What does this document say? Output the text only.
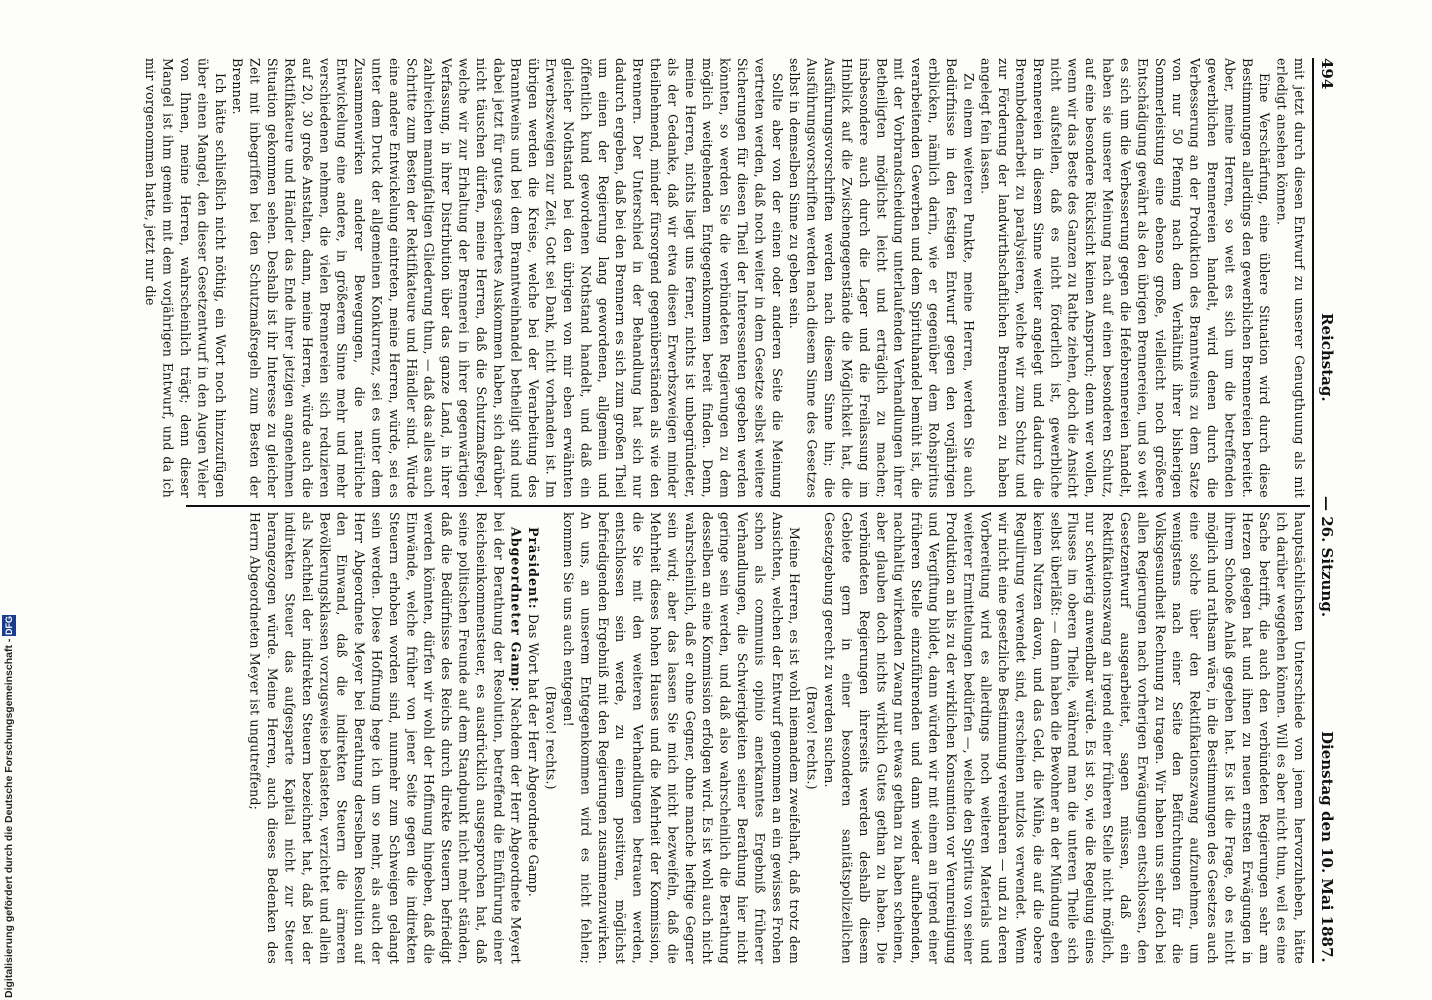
494
Reichstag.
— 26. Sitzung.
Dienstag den 10. Mai 1887.

mit jetzt durch diesen Entwurf zu unserer Genugthuung als mit erledigt ansehen können.

Eine Verschärfung, eine üblere Situation wird durch diese Bestimmungen allerdings den gewerblichen Brennereien bereitet. Aber, meine Herren, so weit es sich um die betreffenden gewerblichen Brennereien handelt, wird denen durch die Verbesserung an der Produktion des Branntweins zu dem Satze von nur 50 Pfennig nach dem Verhältniß ihrer bisherigen Sommerleistung eine ebenso große, vielleicht noch größere Entschädigung gewährt als den übrigen Brennereien, und so weit es sich um die Verbesserung gegen die Hefebrennereien handelt, haben sie unserer Meinung nach auf einen besonderen Schutz, auf eine besondere Rücksicht keinen Anspruch; denn wer wollen, wenn wir das Beste des Ganzen zu Rathe ziehen, doch die Ansicht nicht aufstellen, daß es nicht förderlich ist, gewerbliche Brennereien in diesem Sinne weiter angelegt und dadurch die Brennbodenarbeit zu paralysieren, welche wir zum Schutz und zur Förderung der landwirthschaftlichen Brennereien zu haben angelegt fein lassen.

Zu einem weiteren Punkte, meine Herren, werden Sie auch Bedürfnisse in den festigen Entwurf gegen den vorjährigen erblicken, nämlich darin, wie er gegenüber dem Rohspiritus verarbeitenden Gewerben und dem Spirituhandel bemüht ist, die mit der Vorbrandscheidung unterlaufenden Verhandlungen ihrer Betheiligten möglichst leicht und erträglich zu machen; insbesondere auch durch die Lager und die Freilassung im Hinblick auf die Zwischengegenstände die Möglichkeit hat, die Ausführungsvorschriften werden nach diesem Sinne hin; die Ausführungsvorschriften werden nach diesem Sinne des Gesetzes selbst in demselben Sinne zu geben sein.

Sollte aber von der einen oder anderen Seite die Meinung vertreten werden, daß noch weiter in dem Gesetze selbst weitere Sicherungen für diesen Theil der Interessenten gegeben werden könnten, so werden Sie die verbündeten Regierungen zu dem möglich weitgehenden Entgegenkommen bereit finden. Denn, meine Herren, nichts liegt uns ferner, nichts ist unbegründeter, als der Gedanke, daß wir etwa diesen Erwerbszweigen minder theilnehmend, minder fürsorgend gegenüberständen als wie den Brennern. Der Unterschied in der Behandlung hat sich nur dadurch ergeben, daß bei den Brennern es sich zum großen Theil um einen der Regierung lang gewordenen, allgemein und öffentlich kund gewordenen Nothstand handelt, und daß ein gleicher Nothstand bei den übrigen von mir eben erwähnten Erwerbszweigen zur Zeit, Gott sei Dank, nicht vorhanden ist. Im übrigen werden die Kreise, welche bei der Verarbeitung des Branntweins und bei dem Branntweinhandel betheiligt sind und dabei jetzt für gutes gesichertes Auskommen haben, sich darüber nicht täuschen dürfen, meine Herren, daß die Schutzmaßregel, welche wir zur Erhaltung der Brennerei in ihrer gegenwärtigen Verfassung, in ihrer Distribution über das ganze Land, in ihrer zahlreichen mannigfaltigen Gliederung thun, — daß das alles auch Schritte zum Besten der Rektifikateure und Händler sind. Würde eine andere Entwickelung eintreten, meine Herren, würde, sei es unter dem Druck der allgemeinen Konkurrenz, sei es unter dem Zusammenwirken anderer Bewegungen, die natürliche Entwickelung eine andere, in größerem Sinne mehr und mehr verschiedenen nehmen, die vielen Brennereien sich reduzieren auf 20, 30 große Anstalten, dann, meine Herren, würde auch die Rektifikateure und Händler das Ende ihrer jetzigen angenehmen Situation gekommen sehen. Deshalb ist ihr Interesse zu gleicher Zeit mit inbegriffen bei den Schutzmaßregeln zum Besten der Brenner.

Ich hätte schließlich nicht nöthig, ein Wort noch hinzuzufügen über einen Mangel, den dieser Gesetzentwurf in den Augen Vieler von Ihnen, meine Herren, wahrscheinlich trägt; denn dieser Mangel ist ihm gemein mit dem vorjährigen Entwurf, und da ich mir vorgenommen hatte, jetzt nur die

hauptsächlichsten Unterschiede von jenem hervorzuheben, hätte ich darüber weggehen können. Will es aber nicht thun, weil es eine Sache betrifft, die auch den verbündeten Regierungen sehr am Herzen gelegen hat und ihnen zu neuen ernsten Erwägungen in ihrem Schooße Anlaß gegeben hat. Es ist die Frage, ob es nicht möglich und rathsam wäre, in die Bestimmungen des Gesetzes auch eine solche über den Rektifikationszwang aufzunehmen, um wenigstens nach einer Seite den Befürchtungen für die Volksgesundheit Rechnung zu tragen. Wir haben uns sehr doch bei allen Regierungen nach vorherigen Erwägungen entschlossen, den Gesetzentwurf ausgearbeitet, sagen müssen, daß ein Rektifikationszwang an irgend einer früheren Stelle nicht möglich, nur schwierig anwendbar würde. Es ist so, wie die Regelung eines Flusses im oberen Theile, während man die unteren Theile sich selbst überläßt: — dann haben die Bewohner an der Mündung eben keinen Nutzen davon, und das Geld, die Mühe, die auf die obere Regulirung verwendet sind, erscheinen nutzlos verwendet. Wenn wir nicht eine gesetzliche Bestimmung vereinbaren — und zu deren Vorbereitung wird es allerdings noch weiteren Materials und weiterer Ermittelungen bedürfen —, welche den Spiritus von seiner Produktion an bis zu der wirklichen Konsumtion vor Verunreinigung und Vergiftung bildet, dann würden wir mit einem an irgend einer früheren Stelle einzuführenden und dann wieder aufhebenden, nachhaltig wirkenden Zwang nur etwas gethan zu haben scheinen, aber glauben doch nichts wirklich Gutes gethan zu haben. Die verbündeten Regierungen ihrerseits werden deshalb diesem Gebiete gern in einer besonderen sanitätspolizeilichen Gesetzgebung gerecht zu werden suchen.

(Bravo! rechts.)

Meine Herren, es ist wohl niemandem zweifelhaft, daß trotz dem Ansichten, welchen der Entwurf genommen an ein gewisses Frohen schon als communis opinio anerkanntes Ergebniß früherer Verhandlungen, die Schwierigkeiten seiner Berathung hier nicht geringe sein werden, und daß also wahrscheinlich die Berathung desselben an eine Kommission erfolgen wird. Es ist wohl auch nicht wahrscheinlich, daß er ohne Gegner, ohne manche heftige Gegner sein wird; aber das lassen Sie mich nicht bezweifeln, daß die Mehrheit dieses hohen Hauses und die Mehrheit der Kommission, die Sie mit den weiteren Verhandlungen betrauen werden, entschlossen sein werde, zu einem positiven, möglichst befriedigenden Ergebniß mit den Regierungen zusammenzuwirken. An uns, an unserem Entgegenkommen wird es nicht fehlen; kommen Sie uns auch entgegen!

(Bravo! rechts.)

Präsident: Das Wort hat der Herr Abgeordnete Gamp.

Abgeordneter Gamp: Nachdem der Herr Abgeordnete Meyert bei der Berathung der Resolution, betreffend die Einführung einer Reichseinkommensteuer, es ausdrücklich ausgesprochen hat, daß seine politischen Freunde auf dem Standpunkt nicht mehr ständen, daß die Bedürfnisse des Reichs durch direkte Steuern befriedigt werden könnten, dürfen wir wohl der Hoffnung hingeben, daß die Einwände, welche früher von jener Seite gegen die indirekten Steuern erhoben worden sind, nunmehr zum Schweigen gelangt sein werden. Diese Hoffnung hege ich um so mehr, als auch der Herr Abgeordnete Meyer bei Berathung derselben Resolution auf den Einwand, daß die indirekten Steuern die ärmeren Bevölkerungsklassen vorzugsweise belasteten, verzichtet und allein als Nachtheil der indirekten Steuern bezeichnet hat, daß bei der indirekten Steuer das aufgesparte Kapital nicht zur Steuer herangezogen würde. Meine Herren, auch dieses Bedenken des Herrn Abgeordneten Meyer ist ungutreffend;

Digitalisierung gefördert durch die Deutsche Forschungsgemeinschaft - DFG
